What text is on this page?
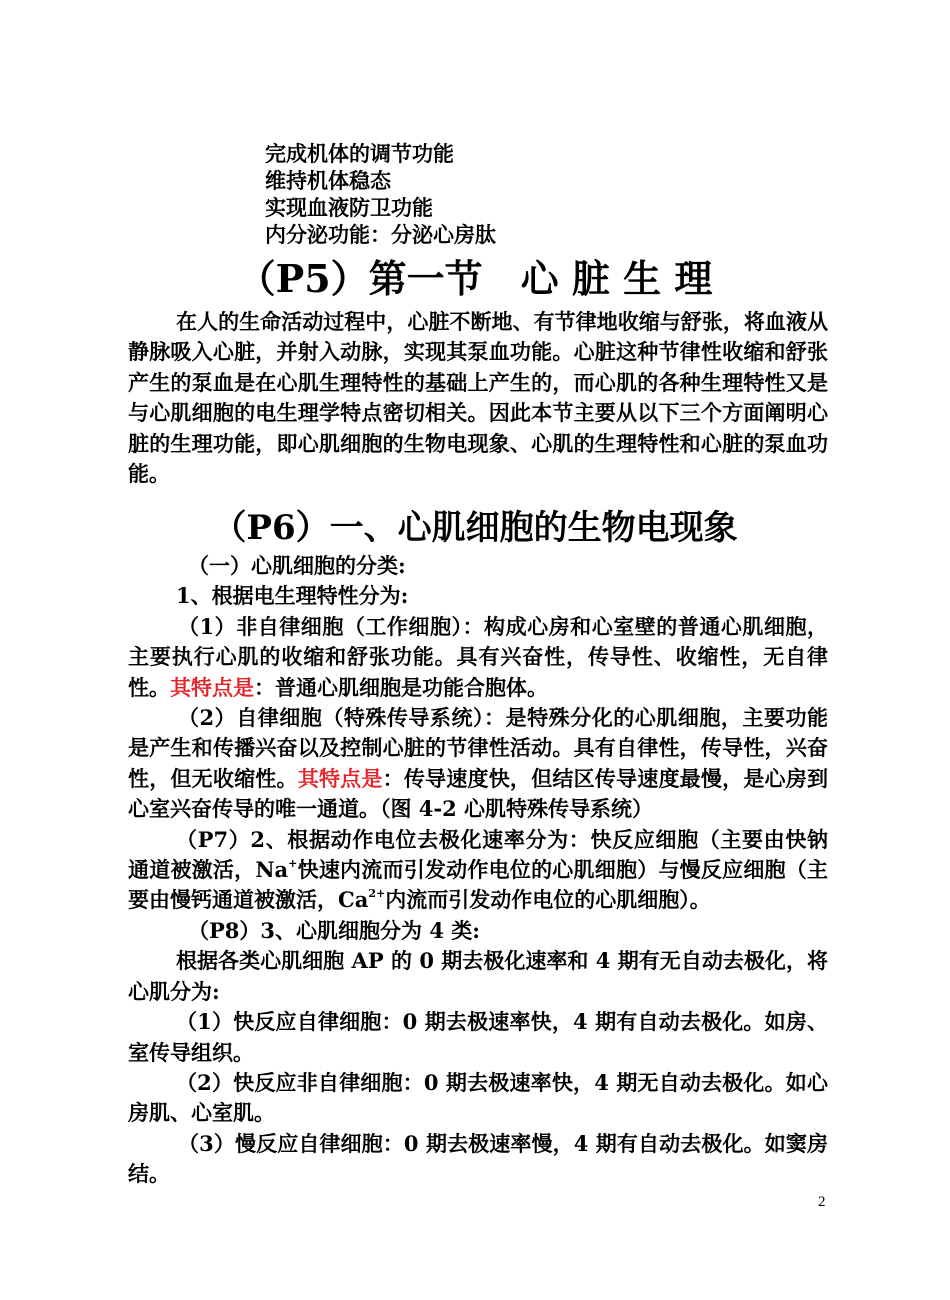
完成机体的调节功能
维持机体稳态
实现血液防卫功能
内分泌功能：分泌心房肽
（P5）第一节　心 脏 生 理

在人的生命活动过程中，心脏不断地、有节律地收缩与舒张，将血液从静脉吸入心脏，并射入动脉，实现其泵血功能。心脏这种节律性收缩和舒张产生的泵血是在心肌生理特性的基础上产生的，而心肌的各种生理特性又是与心肌细胞的电生理学特点密切相关。因此本节主要从以下三个方面阐明心脏的生理功能，即心肌细胞的生物电现象、心肌的生理特性和心脏的泵血功能。

（P6）一、心肌细胞的生物电现象

（一）心肌细胞的分类:

1、根据电生理特性分为:

（1）非自律细胞（工作细胞）：构成心房和心室壁的普通心肌细胞，主要执行心肌的收缩和舒张功能。具有兴奋性，传导性、收缩性，无自律性。其特点是：普通心肌细胞是功能合胞体。

（2）自律细胞（特殊传导系统）：是特殊分化的心肌细胞，主要功能是产生和传播兴奋以及控制心脏的节律性活动。具有自律性，传导性，兴奋性，但无收缩性。其特点是：传导速度快，但结区传导速度最慢，是心房到心室兴奋传导的唯一通道。（图 4-2 心肌特殊传导系统）

（P7）2、根据动作电位去极化速率分为：快反应细胞（主要由快钠通道被激活，Na+快速内流而引发动作电位的心肌细胞）与慢反应细胞（主要由慢钙通道被激活，$Ca^{2+}$内流而引发动作电位的心肌细胞）。

（P8）3、心肌细胞分为 4 类:

根据各类心肌细胞 AP 的 0 期去极化速率和 4 期有无自动去极化，将心肌分为:

（1）快反应自律细胞：0 期去极速率快，4 期有自动去极化。如房、室传导组织。

（2）快反应非自律细胞：0 期去极速率快，4 期无自动去极化。如心房肌、心室肌。

（3）慢反应自律细胞：0 期去极速率慢，4 期有自动去极化。如窦房结。

2
